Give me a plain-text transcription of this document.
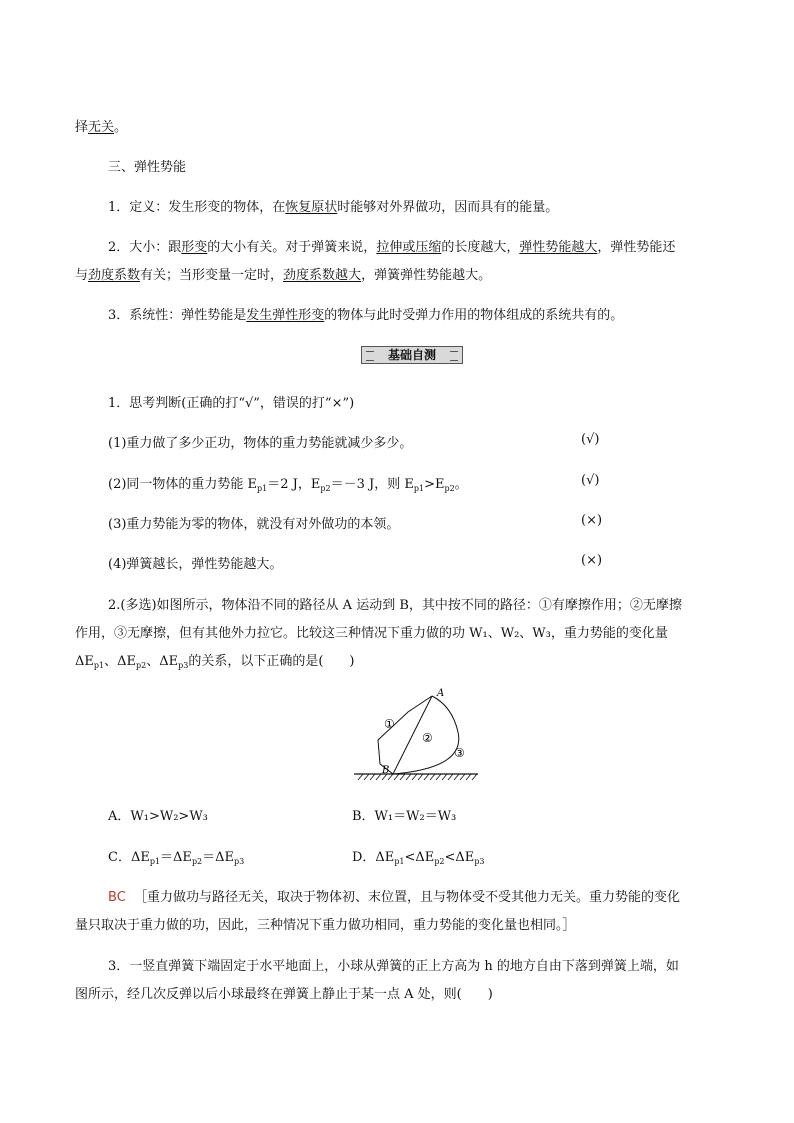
择无关。
三、弹性势能
1．定义：发生形变的物体，在恢复原状时能够对外界做功，因而具有的能量。
2．大小：跟形变的大小有关。对于弹簧来说，拉伸或压缩的长度越大，弹性势能越大，弹性势能还
与劲度系数有关；当形变量一定时，劲度系数越大，弹簧弹性势能越大。
3．系统性：弹性势能是发生弹性形变的物体与此时受弹力作用的物体组成的系统共有的。
基础自测
1．思考判断(正确的打“√”，错误的打“×”)
(1)重力做了多少正功，物体的重力势能就减少多少。	(√)
(2)同一物体的重力势能 $E_{p1}=2$ J，$E_{p2}=-3$ J，则 $E_{p1}>E_{p2}$。	(√)
(3)重力势能为零的物体，就没有对外做功的本领。	(×)
(4)弹簧越长，弹性势能越大。	(×)
2.(多选)如图所示，物体沿不同的路径从 A 运动到 B，其中按不同的路径：①有摩擦作用；②无摩擦
作用，③无摩擦，但有其他外力拉它。比较这三种情况下重力做的功 W₁、W₂、W₃，重力势能的变化量
$\Delta E_{p1}$、$\Delta E_{p2}$、$\Delta E_{p3}$的关系，以下正确的是(　　)
A
B
①
②
③
A．W₁>W₂>W₃	B．W₁＝W₂＝W₃
C．$\Delta E_{p1}=\Delta E_{p2}=\Delta E_{p3}$	D．$\Delta E_{p1}<\Delta E_{p2}<\Delta E_{p3}$
BC ［重力做功与路径无关，取决于物体初、末位置，且与物体受不受其他力无关。重力势能的变化
量只取决于重力做的功，因此，三种情况下重力做功相同，重力势能的变化量也相同。］
3．一竖直弹簧下端固定于水平地面上，小球从弹簧的正上方高为 h 的地方自由下落到弹簧上端，如
图所示，经几次反弹以后小球最终在弹簧上静止于某一点 A 处，则(　　)
